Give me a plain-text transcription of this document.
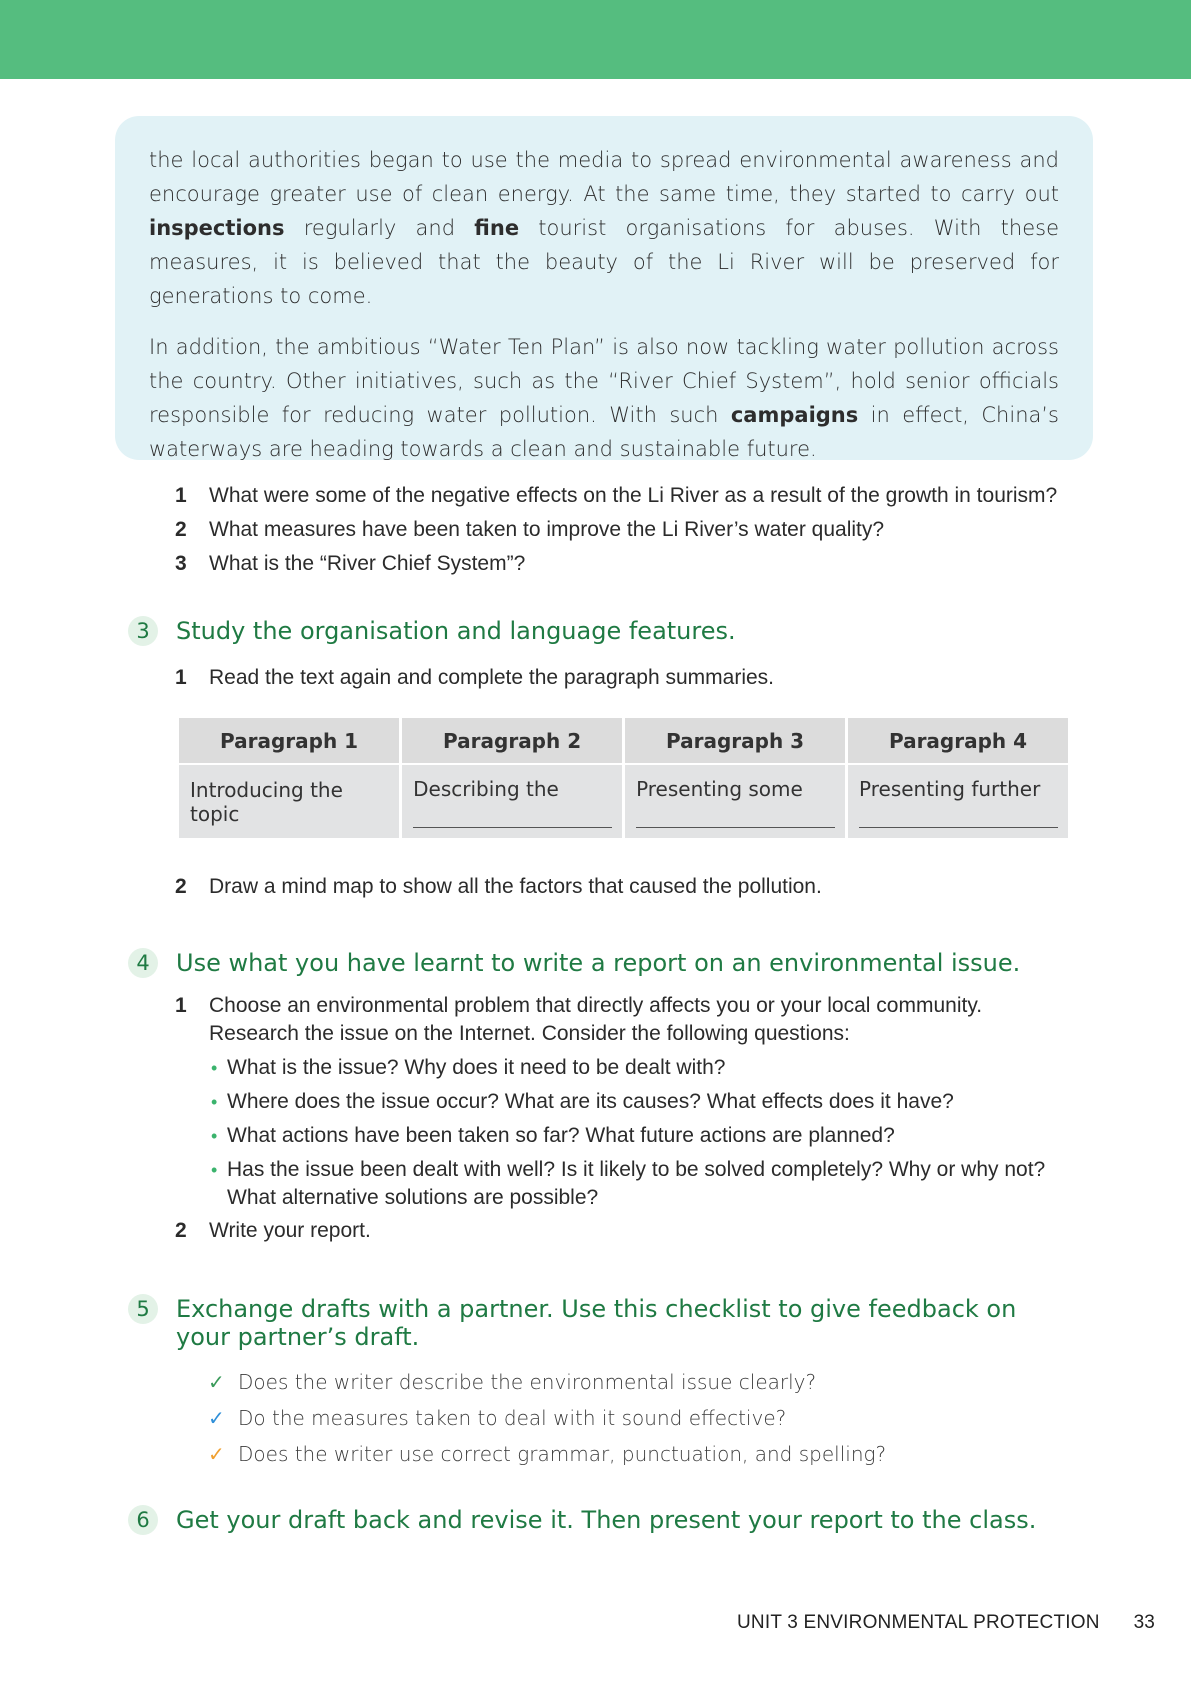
the local authorities began to use the media to spread environmental awareness and encourage greater use of clean energy. At the same time, they started to carry out inspections regularly and fine tourist organisations for abuses. With these measures, it is believed that the beauty of the Li River will be preserved for generations to come.

In addition, the ambitious “Water Ten Plan” is also now tackling water pollution across the country. Other initiatives, such as the “River Chief System”, hold senior officials responsible for reducing water pollution. With such campaigns in effect, China’s waterways are heading towards a clean and sustainable future.

1	What were some of the negative effects on the Li River as a result of the growth in tourism?
2	What measures have been taken to improve the Li River’s water quality?
3	What is the “River Chief System”?
3	Study the organisation and language features.
1	Read the text again and complete the paragraph summaries.
Paragraph 1	Paragraph 2	Paragraph 3	Paragraph 4
Introducing the topic	Describing the	Presenting some	Presenting further
2	Draw a mind map to show all the factors that caused the pollution.
4	Use what you have learnt to write a report on an environmental issue.
1	Choose an environmental problem that directly affects you or your local community. Research the issue on the Internet. Consider the following questions:
• What is the issue? Why does it need to be dealt with?
• Where does the issue occur? What are its causes? What effects does it have?
• What actions have been taken so far? What future actions are planned?
• Has the issue been dealt with well? Is it likely to be solved completely? Why or why not? What alternative solutions are possible?
2	Write your report.
5	Exchange drafts with a partner. Use this checklist to give feedback on your partner’s draft.
✓ Does the writer describe the environmental issue clearly?
✓ Do the measures taken to deal with it sound effective?
✓ Does the writer use correct grammar, punctuation, and spelling?
6	Get your draft back and revise it. Then present your report to the class.
UNIT 3 ENVIRONMENTAL PROTECTION 33
